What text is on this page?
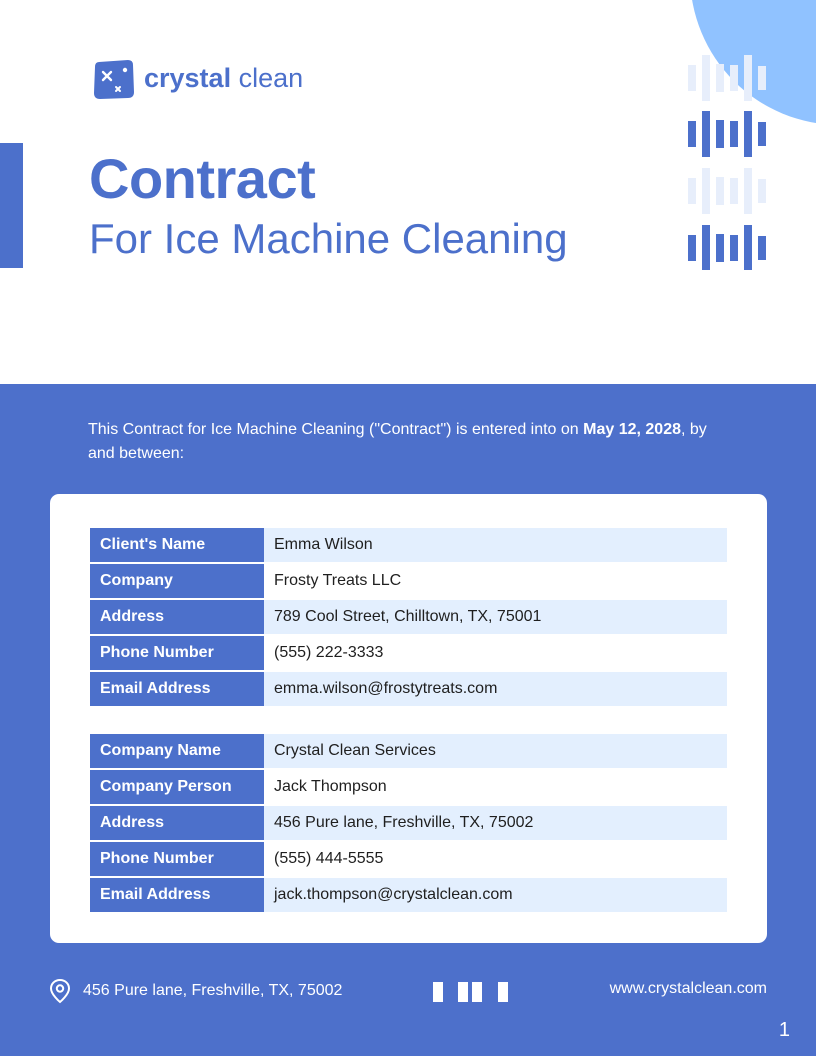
crystal clean
Contract
For Ice Machine Cleaning

This Contract for Ice Machine Cleaning ("Contract") is entered into on May 12, 2028, by and between:

Client's Name	Emma Wilson
Company	Frosty Treats LLC
Address	789 Cool Street, Chilltown, TX, 75001
Phone Number	(555) 222-3333
Email Address	emma.wilson@frostytreats.com
Company Name	Crystal Clean Services
Company Person	Jack Thompson
Address	456 Pure lane, Freshville, TX, 75002
Phone Number	(555) 444-5555
Email Address	jack.thompson@crystalclean.com
456 Pure lane, Freshville, TX, 75002	www.crystalclean.com
1
